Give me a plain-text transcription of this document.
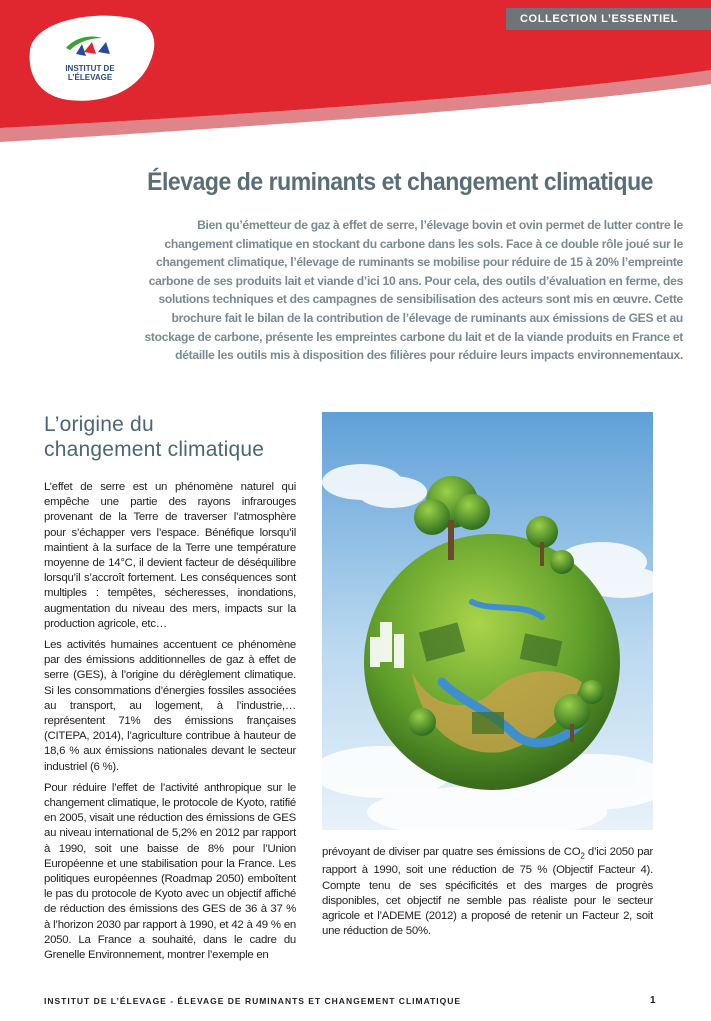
COLLECTION L’ESSENTIEL
INSTITUT DE
L’ÉLEVAGE
Élevage de ruminants et changement climatique

Bien qu’émetteur de gaz à effet de serre, l’élevage bovin et ovin permet de lutter contre le changement climatique en stockant du carbone dans les sols. Face à ce double rôle joué sur le changement climatique, l’élevage de ruminants se mobilise pour réduire de 15 à 20% l’empreinte carbone de ses produits lait et viande d’ici 10 ans. Pour cela, des outils d’évaluation en ferme, des solutions techniques et des campagnes de sensibilisation des acteurs sont mis en œuvre. Cette brochure fait le bilan de la contribution de l’élevage de ruminants aux émissions de GES et au stockage de carbone, présente les empreintes carbone du lait et de la viande produits en France et détaille les outils mis à disposition des filières pour réduire leurs impacts environnementaux.

L’origine du
changement climatique

L’effet de serre est un phénomène naturel qui empêche une partie des rayons infrarouges provenant de la Terre de traverser l’atmosphère pour s’échapper vers l’espace. Bénéfique lorsqu’il maintient à la surface de la Terre une température moyenne de 14°C, il devient facteur de déséquilibre lorsqu’il s’accroît fortement. Les conséquences sont multiples : tempêtes, sécheresses, inondations, augmentation du niveau des mers, impacts sur la production agricole, etc…

Les activités humaines accentuent ce phénomène par des émissions additionnelles de gaz à effet de serre (GES), à l’origine du dérèglement climatique. Si les consommations d’énergies fossiles associées au transport, au logement, à l’industrie,… représentent 71% des émissions françaises (CITEPA, 2014), l’agriculture contribue à hauteur de 18,6 % aux émissions nationales devant le secteur industriel (6 %).

Pour réduire l’effet de l’activité anthropique sur le changement climatique, le protocole de Kyoto, ratifié en 2005, visait une réduction des émissions de GES au niveau international de 5,2% en 2012 par rapport à 1990, soit une baisse de 8% pour l’Union Européenne et une stabilisation pour la France. Les politiques européennes (Roadmap 2050) emboîtent le pas du protocole de Kyoto avec un objectif affiché de réduction des émissions des GES de 36 à 37 % à l’horizon 2030 par rapport à 1990, et 42 à 49 % en 2050. La France a souhaité, dans le cadre du Grenelle Environnement, montrer l’exemple en

prévoyant de diviser par quatre ses émissions de $CO_2$ d’ici 2050 par rapport à 1990, soit une réduction de 75 % (Objectif Facteur 4). Compte tenu de ses spécificités et des marges de progrès disponibles, cet objectif ne semble pas réaliste pour le secteur agricole et l’ADEME (2012) a proposé de retenir un Facteur 2, soit une réduction de 50%.

INSTITUT DE L’ÉLEVAGE - ÉLEVAGE DE RUMINANTS ET CHANGEMENT CLIMATIQUE	1
